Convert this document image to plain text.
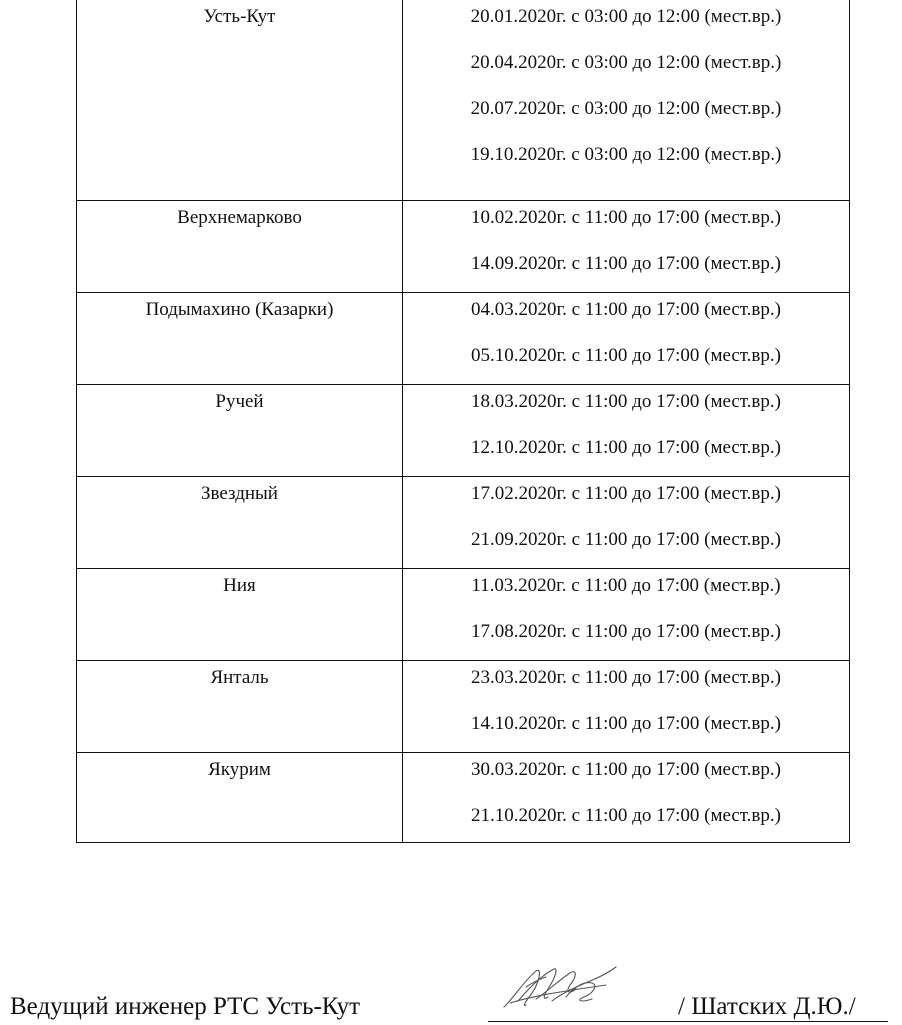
Усть-Кут	20.01.2020г. с 03:00 до 12:00 (мест.вр.)
20.04.2020г. с 03:00 до 12:00 (мест.вр.)
20.07.2020г. с 03:00 до 12:00 (мест.вр.)
19.10.2020г. с 03:00 до 12:00 (мест.вр.)
Верхнемарково	10.02.2020г. с 11:00 до 17:00 (мест.вр.)
14.09.2020г. с 11:00 до 17:00 (мест.вр.)
Подымахино (Казарки)	04.03.2020г. с 11:00 до 17:00 (мест.вр.)
05.10.2020г. с 11:00 до 17:00 (мест.вр.)
Ручей	18.03.2020г. с 11:00 до 17:00 (мест.вр.)
12.10.2020г. с 11:00 до 17:00 (мест.вр.)
Звездный	17.02.2020г. с 11:00 до 17:00 (мест.вр.)
21.09.2020г. с 11:00 до 17:00 (мест.вр.)
Ния	11.03.2020г. с 11:00 до 17:00 (мест.вр.)
17.08.2020г. с 11:00 до 17:00 (мест.вр.)
Янталь	23.03.2020г. с 11:00 до 17:00 (мест.вр.)
14.10.2020г. с 11:00 до 17:00 (мест.вр.)
Якурим	30.03.2020г. с 11:00 до 17:00 (мест.вр.)
21.10.2020г. с 11:00 до 17:00 (мест.вр.)
Ведущий инженер РТС Усть-Кут	/ Шатских Д.Ю./
